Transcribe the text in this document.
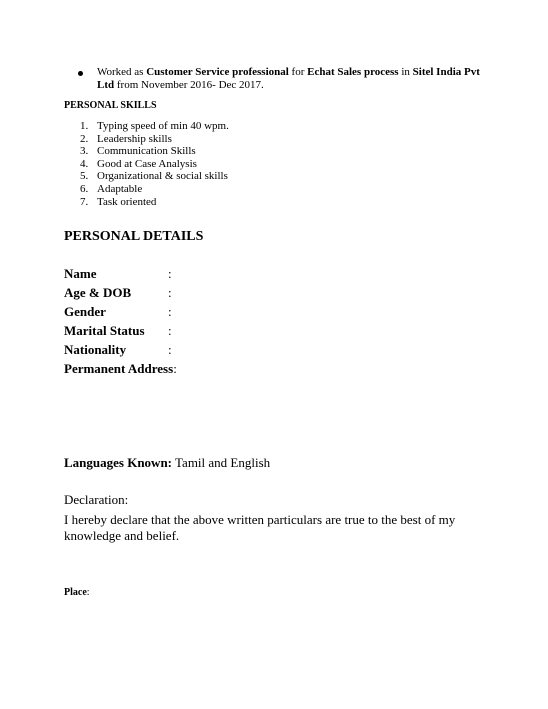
Worked as Customer Service professional for Echat Sales process in Sitel India Pvt Ltd from November 2016- Dec 2017.
PERSONAL SKILLS
1. Typing speed of min 40 wpm.
2. Leadership skills
3. Communication Skills
4. Good at Case Analysis
5. Organizational & social skills
6. Adaptable
7. Task oriented
PERSONAL DETAILS
Name	:
Age & DOB	:
Gender	:
Marital Status :
Nationality	:
Permanent Address:
Languages Known: Tamil and English
Declaration:
I hereby declare that the above written particulars are true to the best of my knowledge and belief.
Place:
